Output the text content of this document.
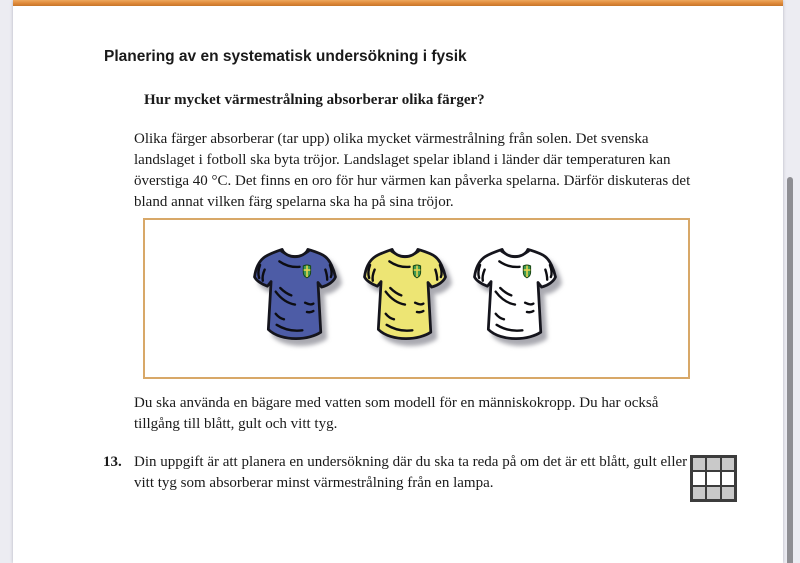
Planering av en systematisk undersökning i fysik
Hur mycket värmestrålning absorberar olika färger?

Olika färger absorberar (tar upp) olika mycket värmestrålning från solen. Det svenska landslaget i fotboll ska byta tröjor. Landslaget spelar ibland i länder där temperaturen kan överstiga 40 °C. Det finns en oro för hur värmen kan påverka spelarna. Därför diskuteras det bland annat vilken färg spelarna ska ha på sina tröjor.

Du ska använda en bägare med vatten som modell för en människokropp. Du har också tillgång till blått, gult och vitt tyg.

13. Din uppgift är att planera en undersökning där du ska ta reda på om det är ett blått, gult eller vitt tyg som absorberar minst värmestrålning från en lampa.
